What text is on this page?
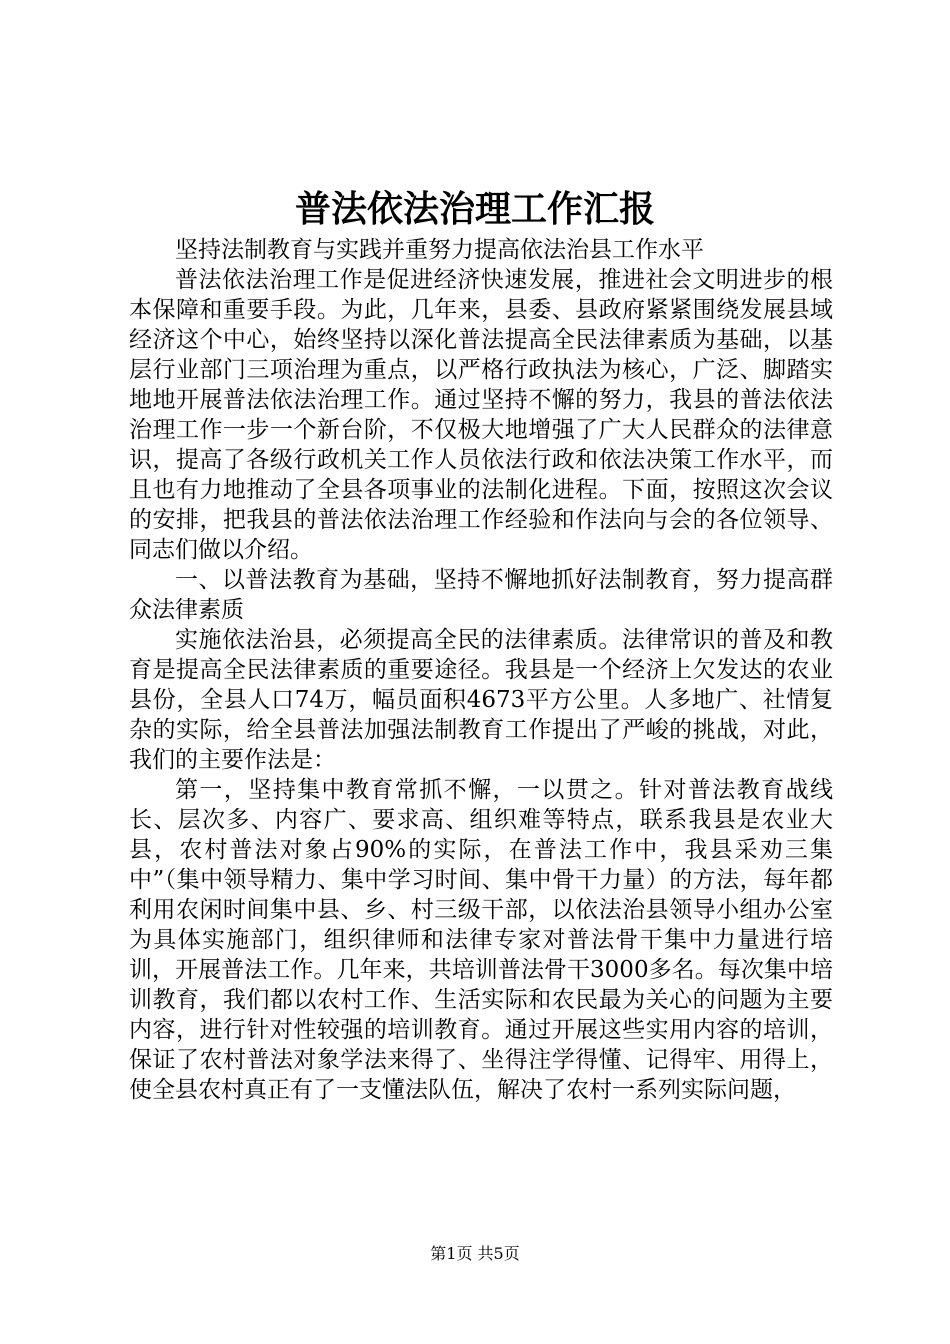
普法依法治理工作汇报

坚持法制教育与实践并重努力提高依法治县工作水平

普法依法治理工作是促进经济快速发展，推进社会文明进步的根本保障和重要手段。为此，几年来，县委、县政府紧紧围绕发展县域经济这个中心，始终坚持以深化普法提高全民法律素质为基础，以基层行业部门三项治理为重点，以严格行政执法为核心，广泛、脚踏实地地开展普法依法治理工作。通过坚持不懈的努力，我县的普法依法治理工作一步一个新台阶，不仅极大地增强了广大人民群众的法律意识，提高了各级行政机关工作人员依法行政和依法决策工作水平，而且也有力地推动了全县各项事业的法制化进程。下面，按照这次会议的安排，把我县的普法依法治理工作经验和作法向与会的各位领导、同志们做以介绍。

一、以普法教育为基础，坚持不懈地抓好法制教育，努力提高群众法律素质

实施依法治县，必须提高全民的法律素质。法律常识的普及和教育是提高全民法律素质的重要途径。我县是一个经济上欠发达的农业县份，全县人口74万，幅员面积4673平方公里。人多地广、社情复杂的实际，给全县普法加强法制教育工作提出了严峻的挑战，对此，我们的主要作法是：

第一，坚持集中教育常抓不懈，一以贯之。针对普法教育战线长、层次多、内容广、要求高、组织难等特点，联系我县是农业大县，农村普法对象占90%的实际，在普法工作中，我县采劝三集中”（集中领导精力、集中学习时间、集中骨干力量）的方法，每年都利用农闲时间集中县、乡、村三级干部，以依法治县领导小组办公室为具体实施部门，组织律师和法律专家对普法骨干集中力量进行培训，开展普法工作。几年来，共培训普法骨干3000多名。每次集中培训教育，我们都以农村工作、生活实际和农民最为关心的问题为主要内容，进行针对性较强的培训教育。通过开展这些实用内容的培训，保证了农村普法对象学法来得了、坐得注学得懂、记得牢、用得上，使全县农村真正有了一支懂法队伍，解决了农村一系列实际问题，

第1页 共5页
